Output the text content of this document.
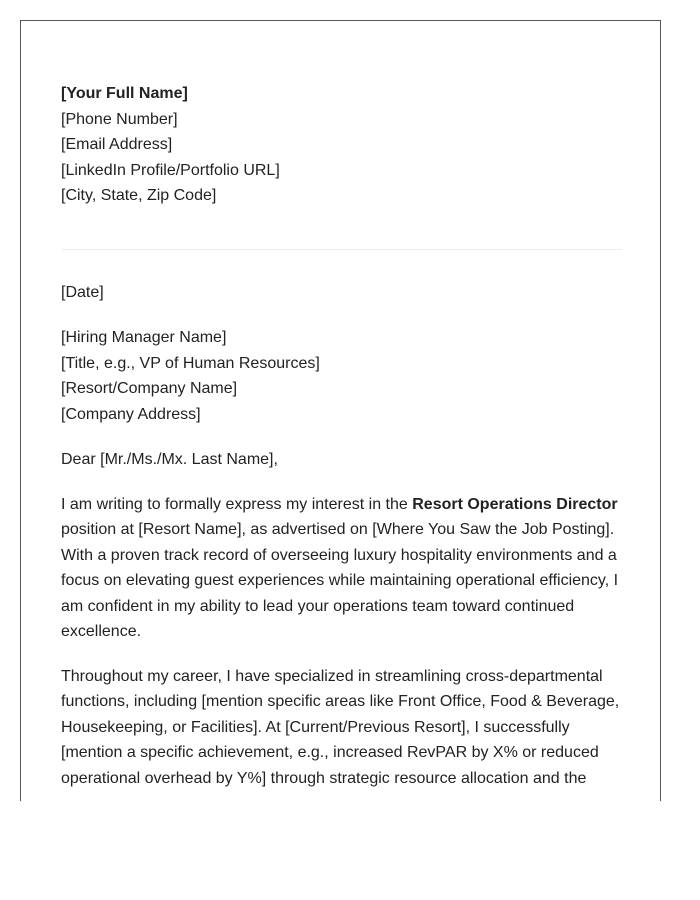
[Your Full Name]
[Phone Number]
[Email Address]
[LinkedIn Profile/Portfolio URL]
[City, State, Zip Code]
[Date]
[Hiring Manager Name]
[Title, e.g., VP of Human Resources]
[Resort/Company Name]
[Company Address]

Dear [Mr./Ms./Mx. Last Name],

I am writing to formally express my interest in the Resort Operations Director position at [Resort Name], as advertised on [Where You Saw the Job Posting]. With a proven track record of overseeing luxury hospitality environments and a focus on elevating guest experiences while maintaining operational efficiency, I am confident in my ability to lead your operations team toward continued excellence.

Throughout my career, I have specialized in streamlining cross-departmental functions, including [mention specific areas like Front Office, Food & Beverage, Housekeeping, or Facilities]. At [Current/Previous Resort], I successfully [mention a specific achievement, e.g., increased RevPAR by X% or reduced operational overhead by Y%] through strategic resource allocation and the
